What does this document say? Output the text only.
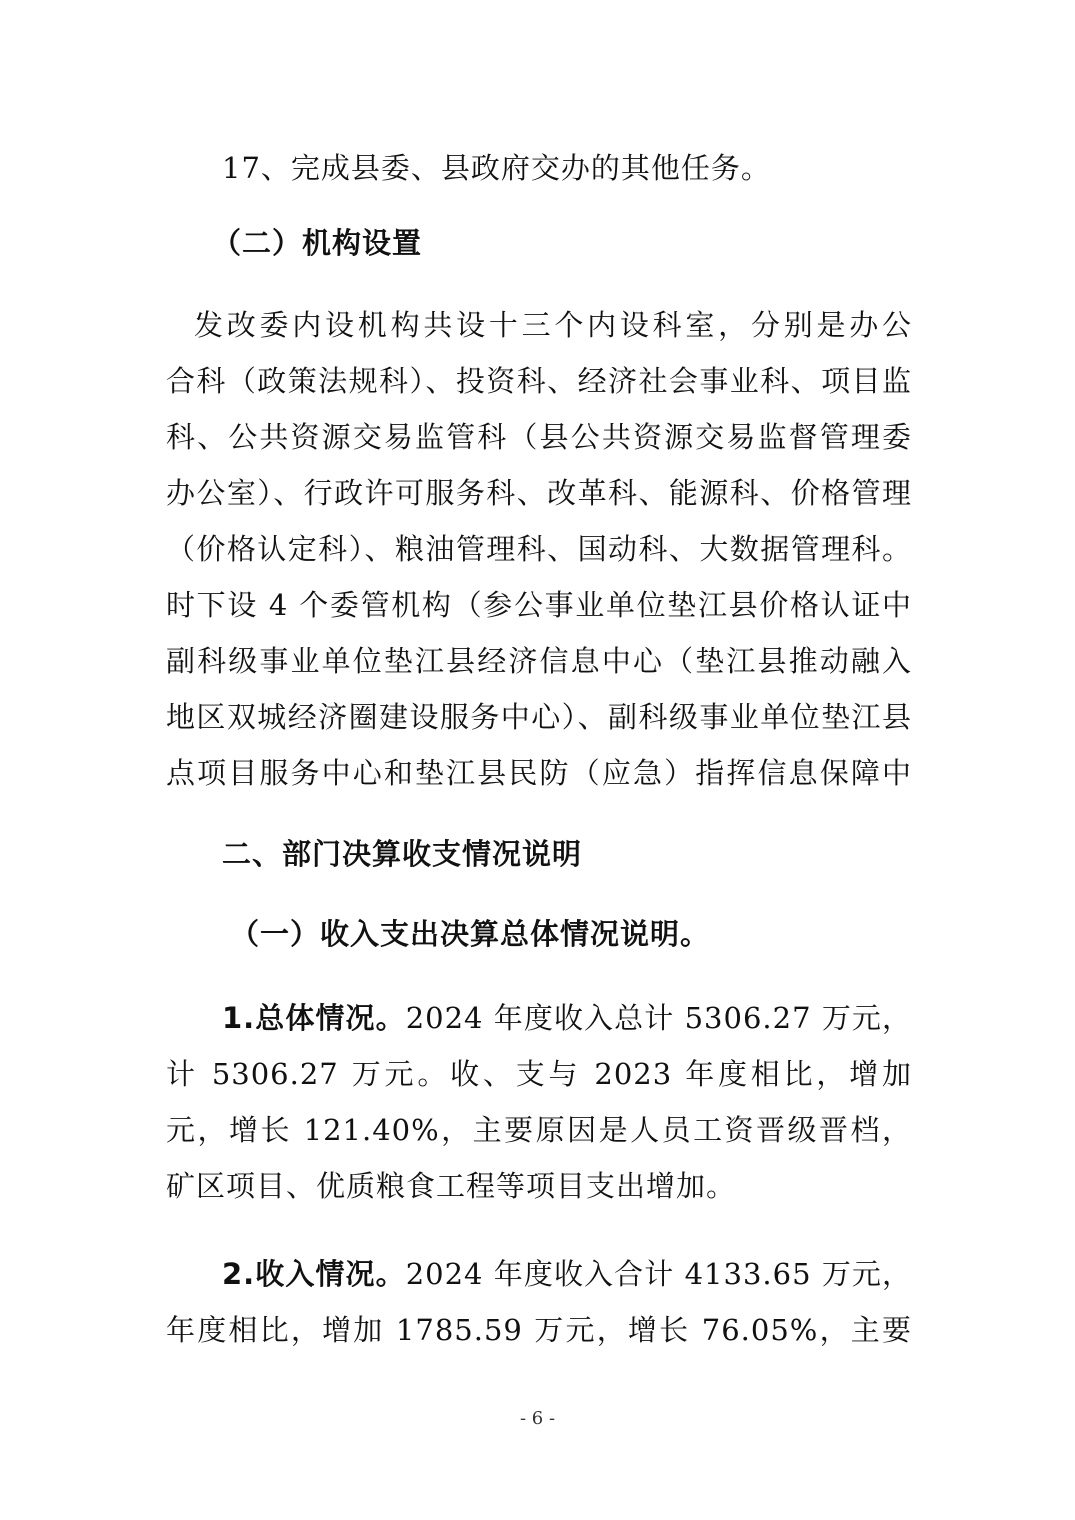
17、完成县委、县政府交办的其他任务。
（二）机构设置
发改委内设机构共设十三个内设科室，分别是办公
合科（政策法规科）、投资科、经济社会事业科、项目监
科、公共资源交易监管科（县公共资源交易监督管理委
办公室）、行政许可服务科、改革科、能源科、价格管理
（价格认定科）、粮油管理科、国动科、大数据管理科。
时下设 4 个委管机构（参公事业单位垫江县价格认证中
副科级事业单位垫江县经济信息中心（垫江县推动融入
地区双城经济圈建设服务中心）、副科级事业单位垫江县
点项目服务中心和垫江县民防（应急）指挥信息保障中
二、部门决算收支情况说明
（一）收入支出决算总体情况说明。
1.总体情况。2024 年度收入总计 5306.27 万元，
计 5306.27 万元。收、支与 2023 年度相比，增加
元，增长 121.40%，主要原因是人员工资晋级晋档，
矿区项目、优质粮食工程等项目支出增加。
2.收入情况。2024 年度收入合计 4133.65 万元，
年度相比，增加 1785.59 万元，增长 76.05%，主要
- 6 -
